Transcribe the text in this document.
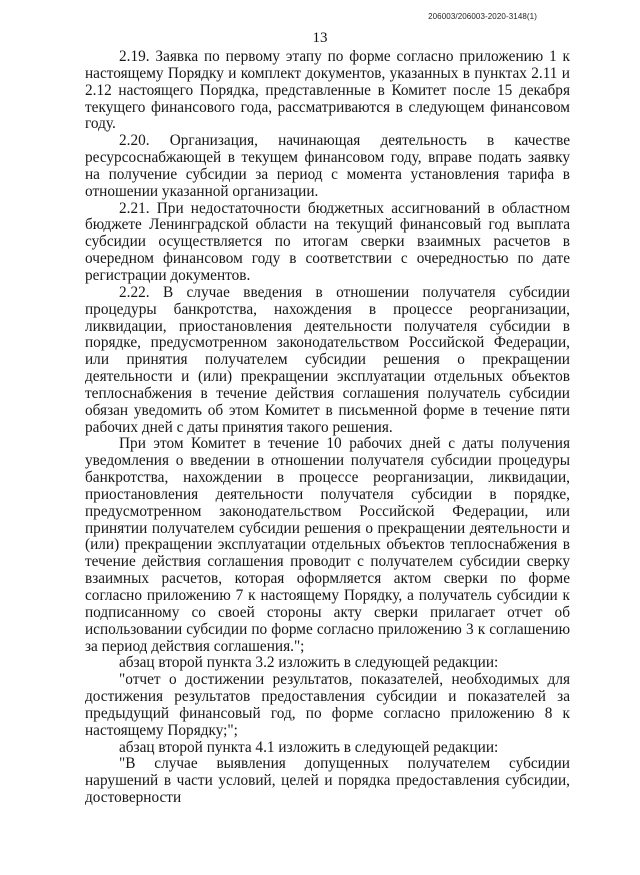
206003/206003-2020-3148(1)
13

2.19. Заявка по первому этапу по форме согласно приложению 1 к настоящему Порядку и комплект документов, указанных в пунктах 2.11 и 2.12 настоящего Порядка, представленные в Комитет после 15 декабря текущего финансового года, рассматриваются в следующем финансовом году.

2.20. Организация, начинающая деятельность в качестве ресурсоснабжающей в текущем финансовом году, вправе подать заявку на получение субсидии за период с момента установления тарифа в отношении указанной организации.

2.21. При недостаточности бюджетных ассигнований в областном бюджете Ленинградской области на текущий финансовый год выплата субсидии осуществляется по итогам сверки взаимных расчетов в очередном финансовом году в соответствии с очередностью по дате регистрации документов.

2.22. В случае введения в отношении получателя субсидии процедуры банкротства, нахождения в процессе реорганизации, ликвидации, приостановления деятельности получателя субсидии в порядке, предусмотренном законодательством Российской Федерации, или принятия получателем субсидии решения о прекращении деятельности и (или) прекращении эксплуатации отдельных объектов теплоснабжения в течение действия соглашения получатель субсидии обязан уведомить об этом Комитет в письменной форме в течение пяти рабочих дней с даты принятия такого решения.

При этом Комитет в течение 10 рабочих дней с даты получения уведомления о введении в отношении получателя субсидии процедуры банкротства, нахождении в процессе реорганизации, ликвидации, приостановления деятельности получателя субсидии в порядке, предусмотренном законодательством Российской Федерации, или принятии получателем субсидии решения о прекращении деятельности и (или) прекращении эксплуатации отдельных объектов теплоснабжения в течение действия соглашения проводит с получателем субсидии сверку взаимных расчетов, которая оформляется актом сверки по форме согласно приложению 7 к настоящему Порядку, а получатель субсидии к подписанному со своей стороны акту сверки прилагает отчет об использовании субсидии по форме согласно приложению 3 к соглашению за период действия соглашения.";

абзац второй пункта 3.2 изложить в следующей редакции:

"отчет о достижении результатов, показателей, необходимых для достижения результатов предоставления субсидии и показателей за предыдущий финансовый год, по форме согласно приложению 8 к настоящему Порядку;";

абзац второй пункта 4.1 изложить в следующей редакции:

"В случае выявления допущенных получателем субсидии нарушений в части условий, целей и порядка предоставления субсидии, достоверности
